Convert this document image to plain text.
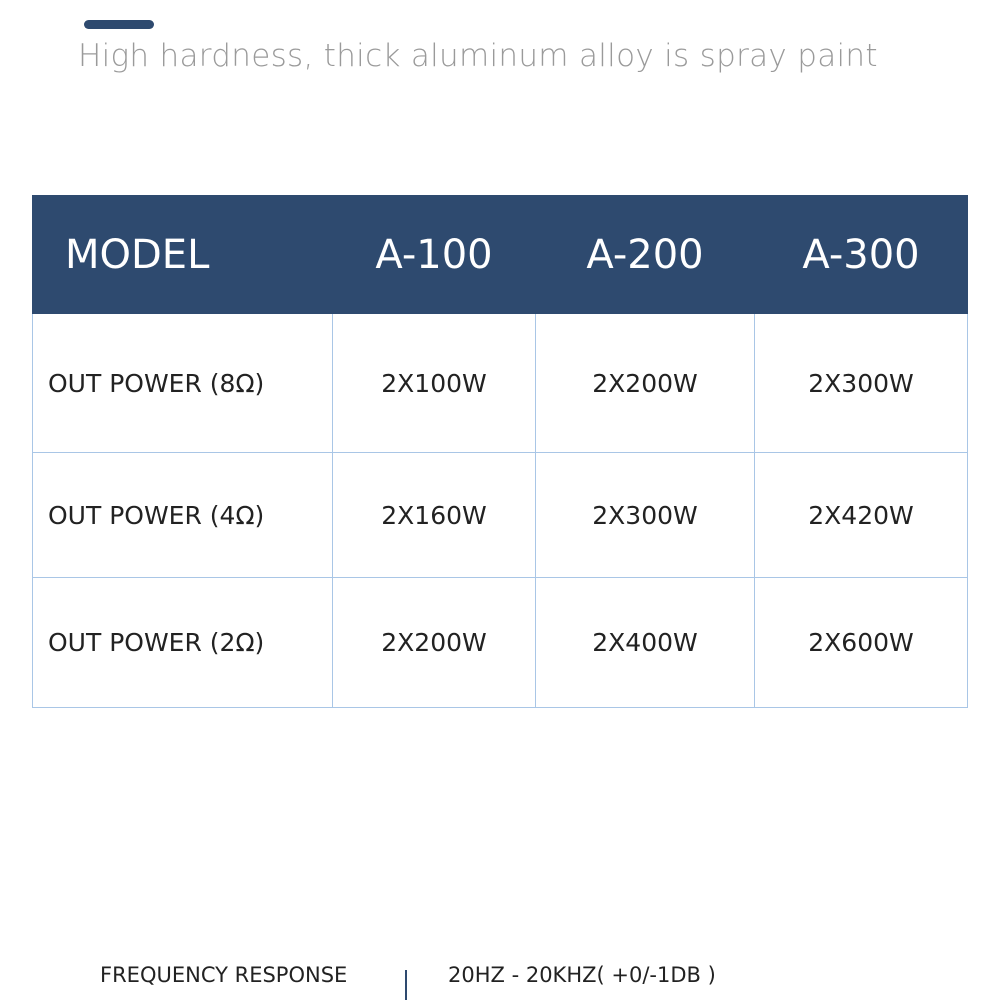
High hardness, thick aluminum alloy is spray paint
MODEL	A-100	A-200	A-300
OUT POWER (8Ω)	2X100W	2X200W	2X300W
OUT POWER (4Ω)	2X160W	2X300W	2X420W
OUT POWER (2Ω)	2X200W	2X400W	2X600W
FREQUENCY RESPONSE	20HZ - 20KHZ( +0/-1DB )
